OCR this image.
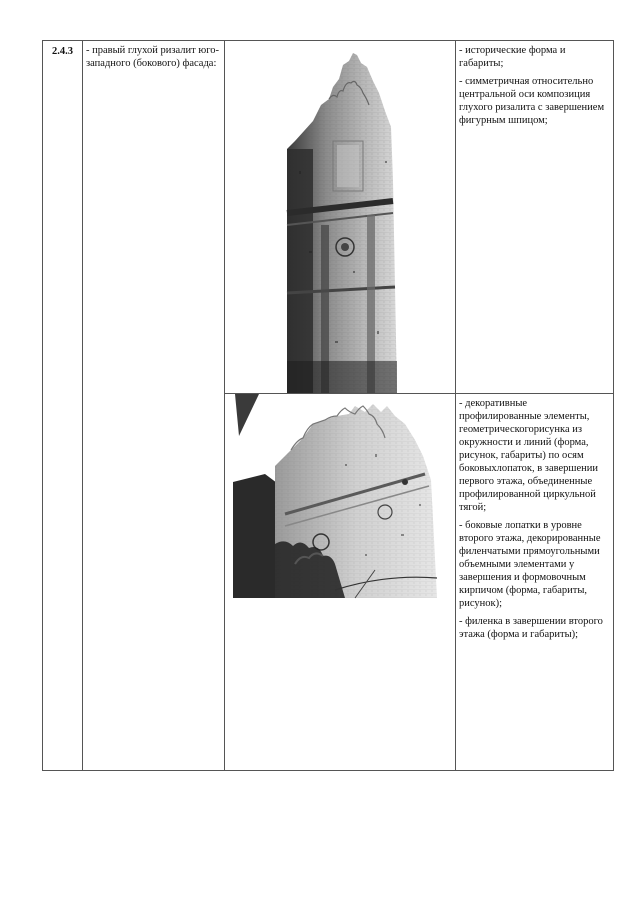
2.4.3	- правый глухой ризалит юго-западного (бокового) фасада:		- исторические форма и габариты;
- симметричная относительно центральной оси композиция глухого ризалита с завершением фигурным шпицом;

- декоративные профилированные элементы, геометрическогорисунка из окружности и линий (форма, рисунок, габариты) по осям боковыхлопаток, в завершении первого этажа, объединенные профилированной циркульной тягой;
- боковые лопатки в уровне второго этажа, декорированные филенчатыми прямоугольными объемными элементами у завершения и формовочным кирпичом (форма, габариты, рисунок);
- филенка в завершении второго этажа (форма и габариты);
